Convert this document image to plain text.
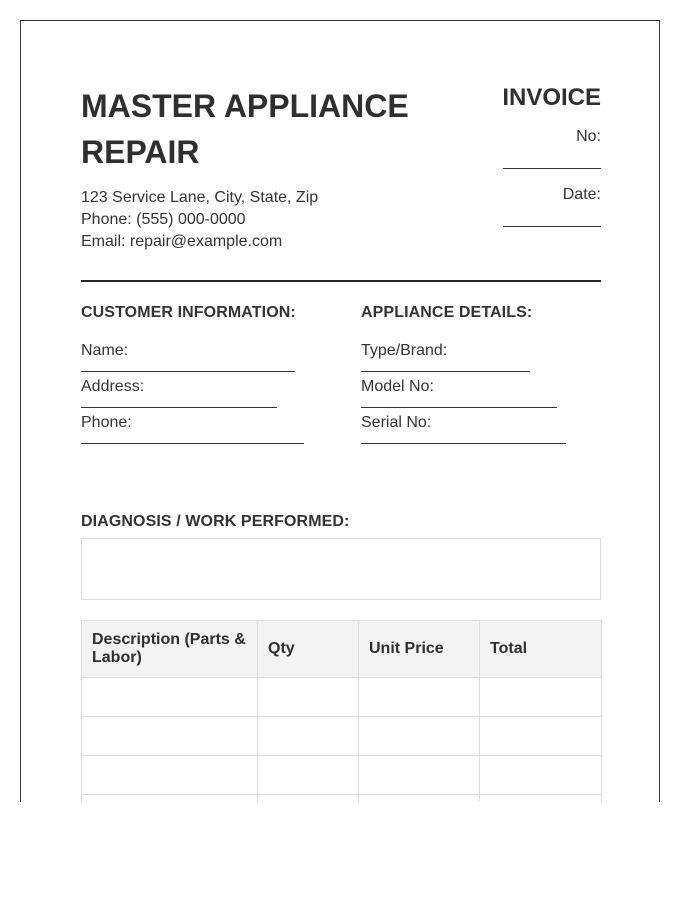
MASTER APPLIANCE REPAIR
123 Service Lane, City, State, Zip
Phone: (555) 000-0000
Email: repair@example.com
INVOICE
No:
Date:
CUSTOMER INFORMATION:
Name:
Address:
Phone:
APPLIANCE DETAILS:
Type/Brand:
Model No:
Serial No:
DIAGNOSIS / WORK PERFORMED:
Description (Parts & Labor)	Qty	Unit Price	Total
